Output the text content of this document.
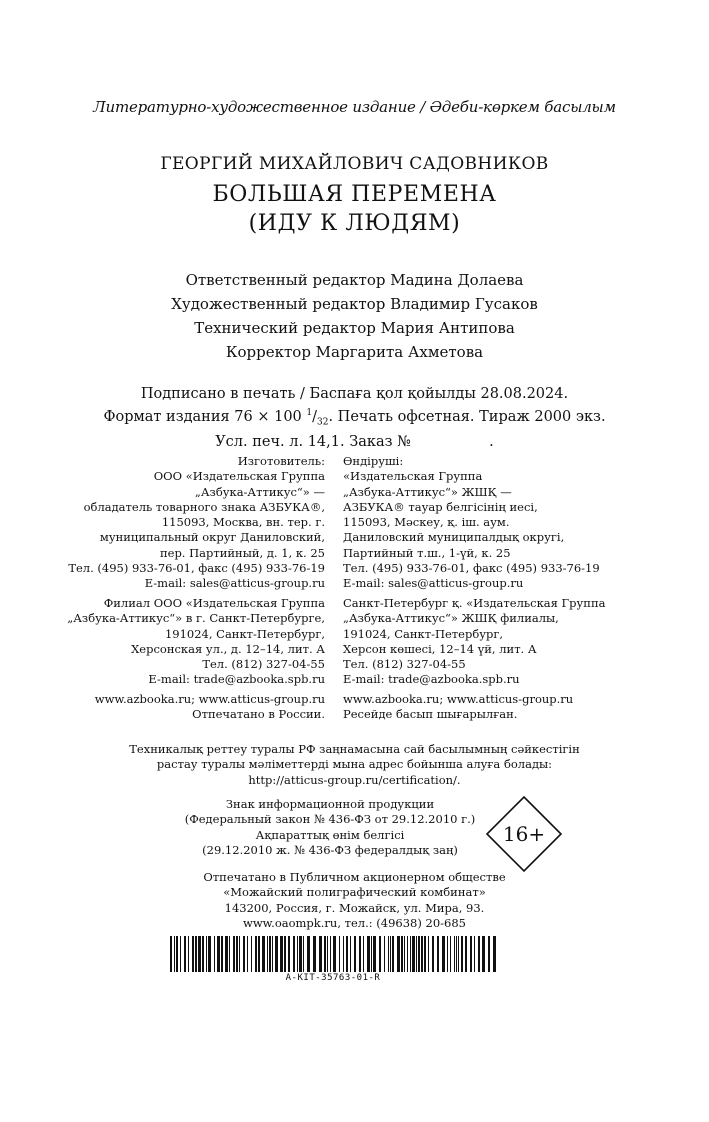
Литературно-художественное издание / Әдеби-көркем басылым
ГЕОРГИЙ МИХАЙЛОВИЧ САДОВНИКОВ
БОЛЬШАЯ ПЕРЕМЕНА
(ИДУ К ЛЮДЯМ)
Ответственный редактор Мадина Долаева
Художественный редактор Владимир Гусаков
Технический редактор Мария Антипова
Корректор Маргарита Ахметова
Подписано в печать / Баспаға қол қойылды 28.08.2024.
Формат издания 76 × 100 $^1/_{32}$. Печать офсетная. Тираж 2000 экз.
Усл. печ. л. 14,1. Заказ №                 .
Изготовитель:
ООО «Издательская Группа
„Азбука-Аттикус“» —
обладатель товарного знака АЗБУКА®,
115093, Москва, вн. тер. г.
муниципальный округ Даниловский,
пер. Партийный, д. 1, к. 25
Тел. (495) 933-76-01, факс (495) 933-76-19
E-mail: sales@atticus-group.ru
Өндіруші:
«Издательская Группа
„Азбука-Аттикус“» ЖШҚ —
АЗБУКА® тауар белгісінің иесі,
115093, Мәскеу, қ. іш. аум.
Даниловский муниципалдық округі,
Партийный т.ш., 1-үй, к. 25
Тел. (495) 933-76-01, факс (495) 933-76-19
E-mail: sales@atticus-group.ru
Филиал ООО «Издательская Группа
„Азбука-Аттикус“» в г. Санкт-Петербурге,
191024, Санкт-Петербург,
Херсонская ул., д. 12–14, лит. А
Тел. (812) 327-04-55
E-mail: trade@azbooka.spb.ru
Санкт-Петербург қ. «Издательская Группа
„Азбука-Аттикус“» ЖШҚ филиалы,
191024, Санкт-Петербург,
Херсон көшесі, 12–14 үй, лит. А
Тел. (812) 327-04-55
E-mail: trade@azbooka.spb.ru
www.azbooka.ru; www.atticus-group.ru
Отпечатано в России.
www.azbooka.ru; www.atticus-group.ru
Ресейде басып шығарылған.
Техникалық реттеу туралы РФ заңнамасына сай басылымның сәйкестігін
растау туралы мәліметтерді мына адрес бойынша алуға болады:
http://atticus-group.ru/certification/.
Знак информационной продукции
(Федеральный закон № 436-ФЗ от 29.12.2010 г.)
Ақпараттық өнім белгісі
(29.12.2010 ж. № 436-ФЗ федералдық заң)
16+
Отпечатано в Публичном акционерном обществе
«Можайский полиграфический комбинат»
143200, Россия, г. Можайск, ул. Мира, 93.
www.oaompk.ru, тел.: (49638) 20-685
А-КIТ-35763-01-R
